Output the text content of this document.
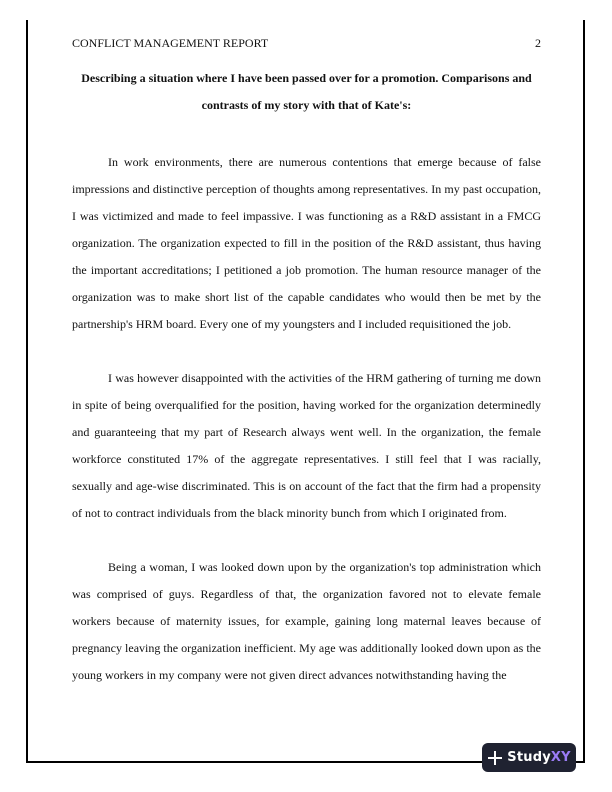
CONFLICT MANAGEMENT REPORT	2
Describing a situation where I have been passed over for a promotion. Comparisons and
contrasts of my story with that of Kate's:

In work environments, there are numerous contentions that emerge because of false impressions and distinctive perception of thoughts among representatives. In my past occupation, I was victimized and made to feel impassive. I was functioning as a R&D assistant in a FMCG organization. The organization expected to fill in the position of the R&D assistant, thus having the important accreditations; I petitioned a job promotion. The human resource manager of the organization was to make short list of the capable candidates who would then be met by the partnership's HRM board. Every one of my youngsters and I included requisitioned the job.

I was however disappointed with the activities of the HRM gathering of turning me down in spite of being overqualified for the position, having worked for the organization determinedly and guaranteeing that my part of Research always went well. In the organization, the female workforce constituted 17% of the aggregate representatives. I still feel that I was racially, sexually and age-wise discriminated. This is on account of the fact that the firm had a propensity of not to contract individuals from the black minority bunch from which I originated from.

Being a woman, I was looked down upon by the organization's top administration which was comprised of guys. Regardless of that, the organization favored not to elevate female workers because of maternity issues, for example, gaining long maternal leaves because of pregnancy leaving the organization inefficient. My age was additionally looked down upon as the young workers in my company were not given direct advances notwithstanding having the

StudyXY
